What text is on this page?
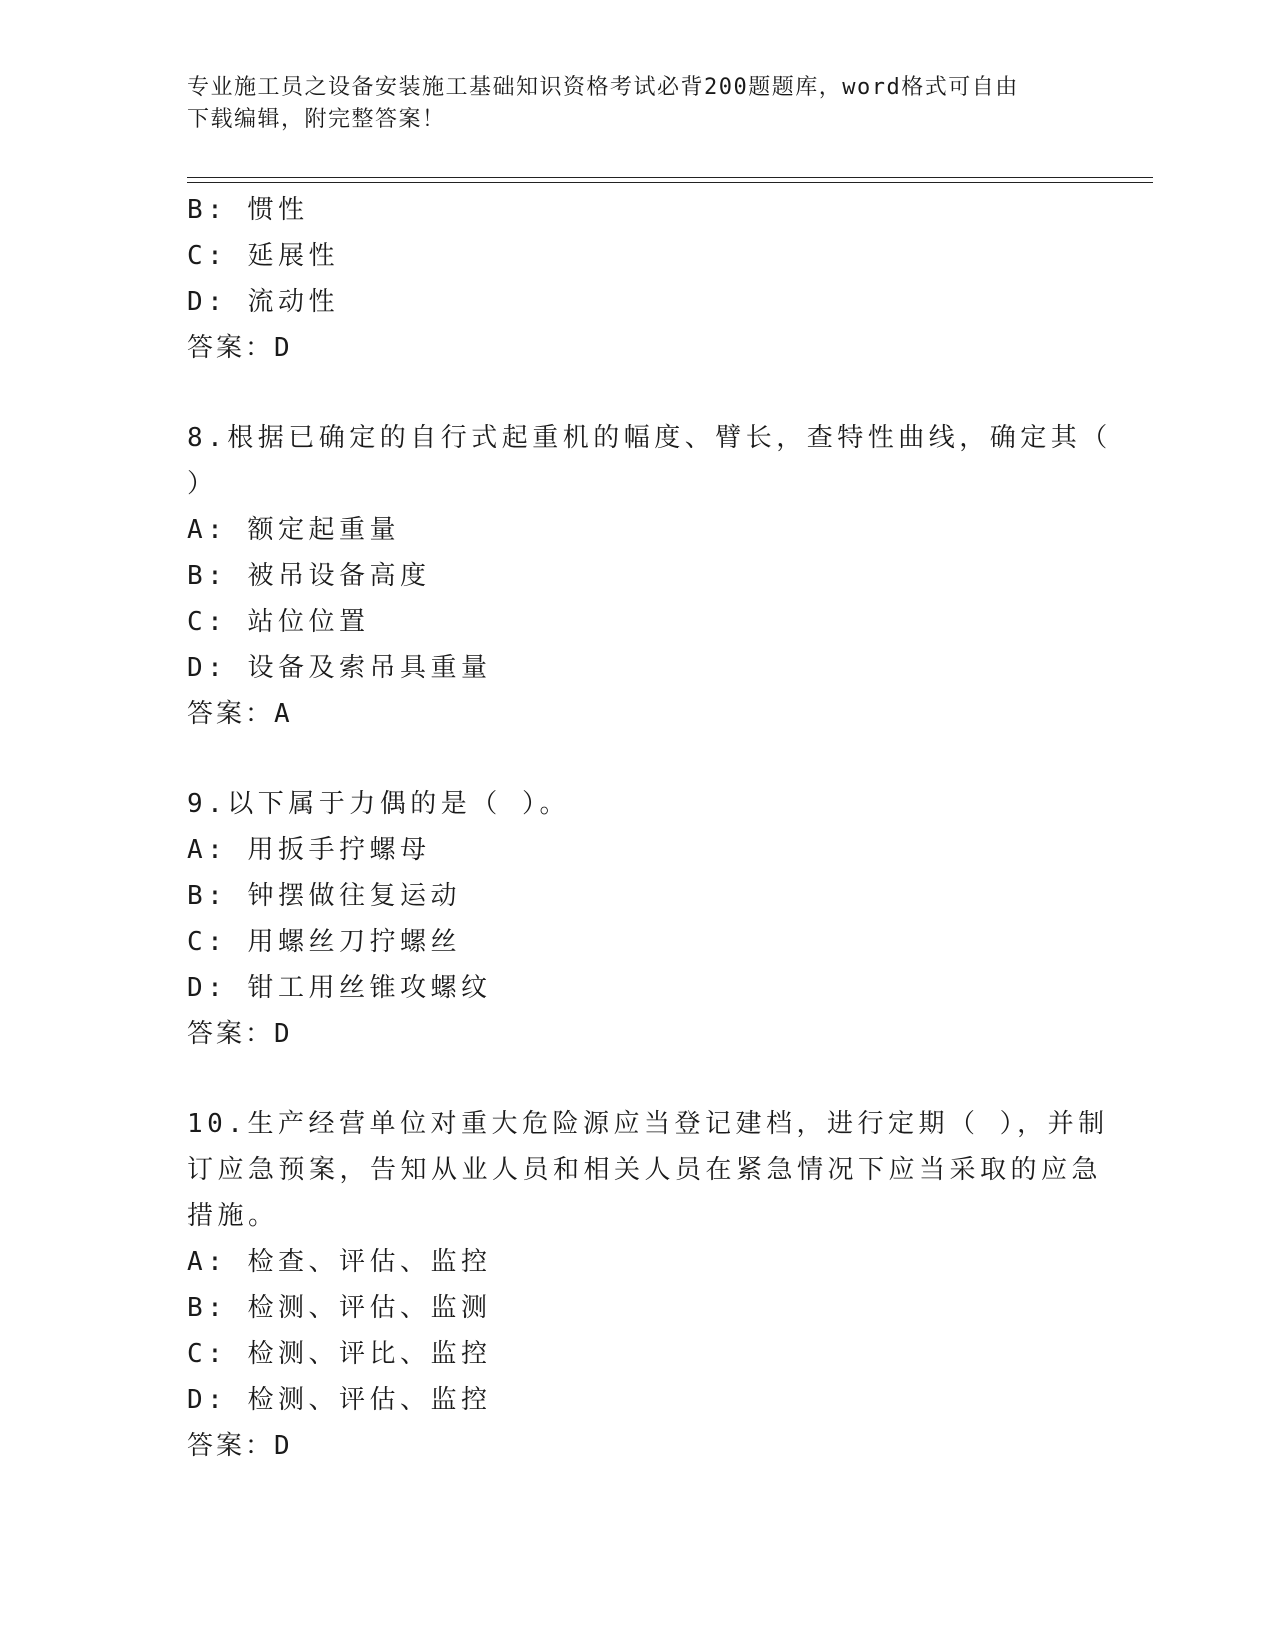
专业施工员之设备安装施工基础知识资格考试必背200题题库，word格式可自由
下载编辑，附完整答案！
B: 惯性
C: 延展性
D: 流动性
答案：D
8.根据已确定的自行式起重机的幅度、臂长，查特性曲线，确定其（
）
A: 额定起重量
B: 被吊设备高度
C: 站位位置
D: 设备及索吊具重量
答案：A
9.以下属于力偶的是（ ）。
A: 用扳手拧螺母
B: 钟摆做往复运动
C: 用螺丝刀拧螺丝
D: 钳工用丝锥攻螺纹
答案：D
10.生产经营单位对重大危险源应当登记建档，进行定期（ ），并制
订应急预案，告知从业人员和相关人员在紧急情况下应当采取的应急
措施。
A: 检查、评估、监控
B: 检测、评估、监测
C: 检测、评比、监控
D: 检测、评估、监控
答案：D
